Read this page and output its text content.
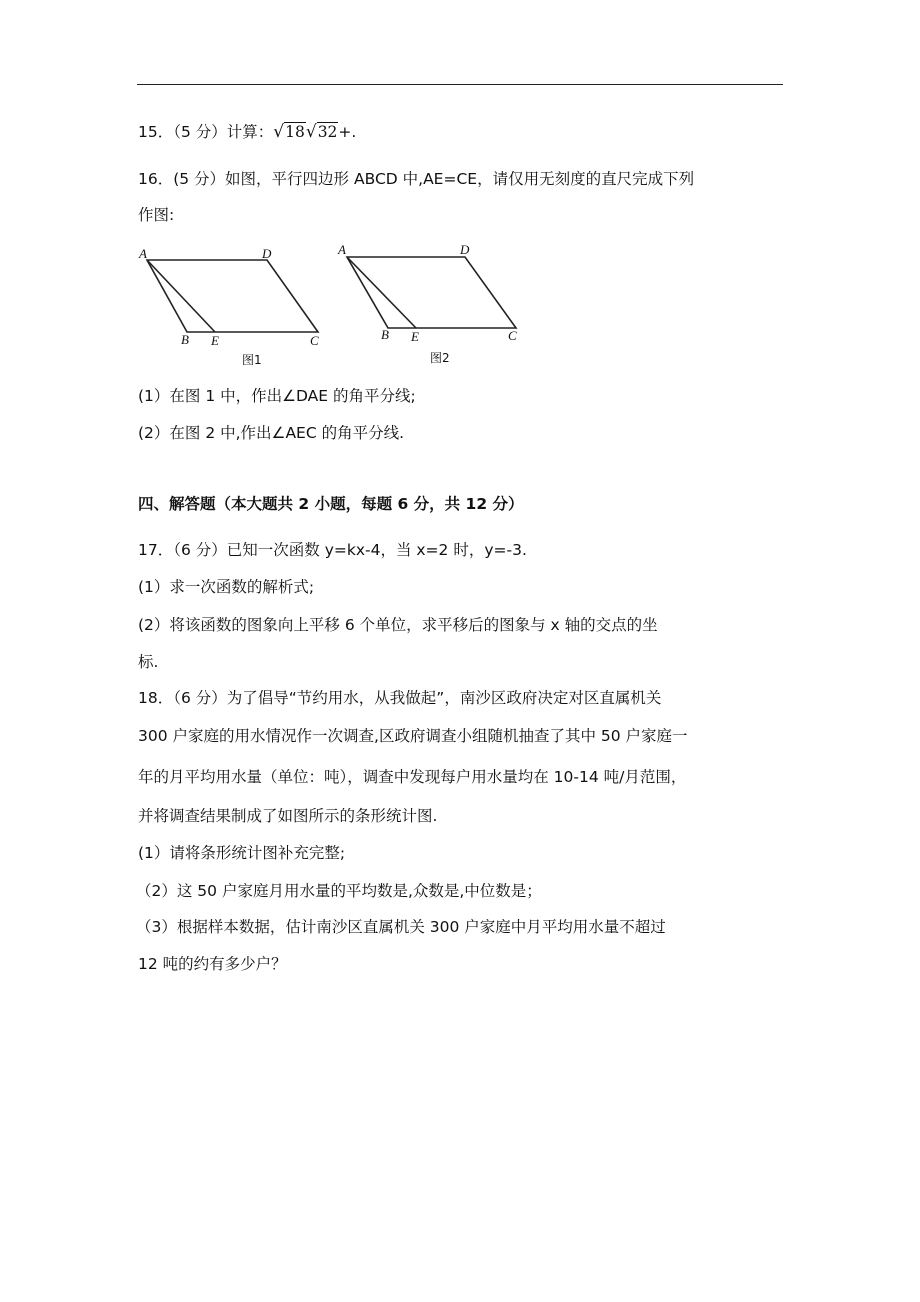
15．（5 分）计算：√18√32+.
16．(5 分）如图，平行四边形 ABCD 中,AE=CE，请仅用无刻度的直尺完成下列
作图:
A	D
B E	C
图1
A	D
B E	C
图2
(1）在图 1 中，作出∠DAE 的角平分线;
(2）在图 2 中,作出∠AEC 的角平分线.
四、解答题（本大题共 2 小题，每题 6 分，共 12 分）
17．（6 分）已知一次函数 y=kx-4，当 x=2 时，y=-3.
(1）求一次函数的解析式;
(2）将该函数的图象向上平移 6 个单位，求平移后的图象与 x 轴的交点的坐
标.
18．（6 分）为了倡导“节约用水，从我做起”，南沙区政府决定对区直属机关
300 户家庭的用水情况作一次调查,区政府调查小组随机抽查了其中 50 户家庭一
年的月平均用水量（单位：吨），调查中发现每户用水量均在 10-14 吨/月范围，
并将调查结果制成了如图所示的条形统计图.
(1）请将条形统计图补充完整;
（2）这 50 户家庭月用水量的平均数是,众数是,中位数是；
（3）根据样本数据，估计南沙区直属机关 300 户家庭中月平均用水量不超过
12 吨的约有多少户？
